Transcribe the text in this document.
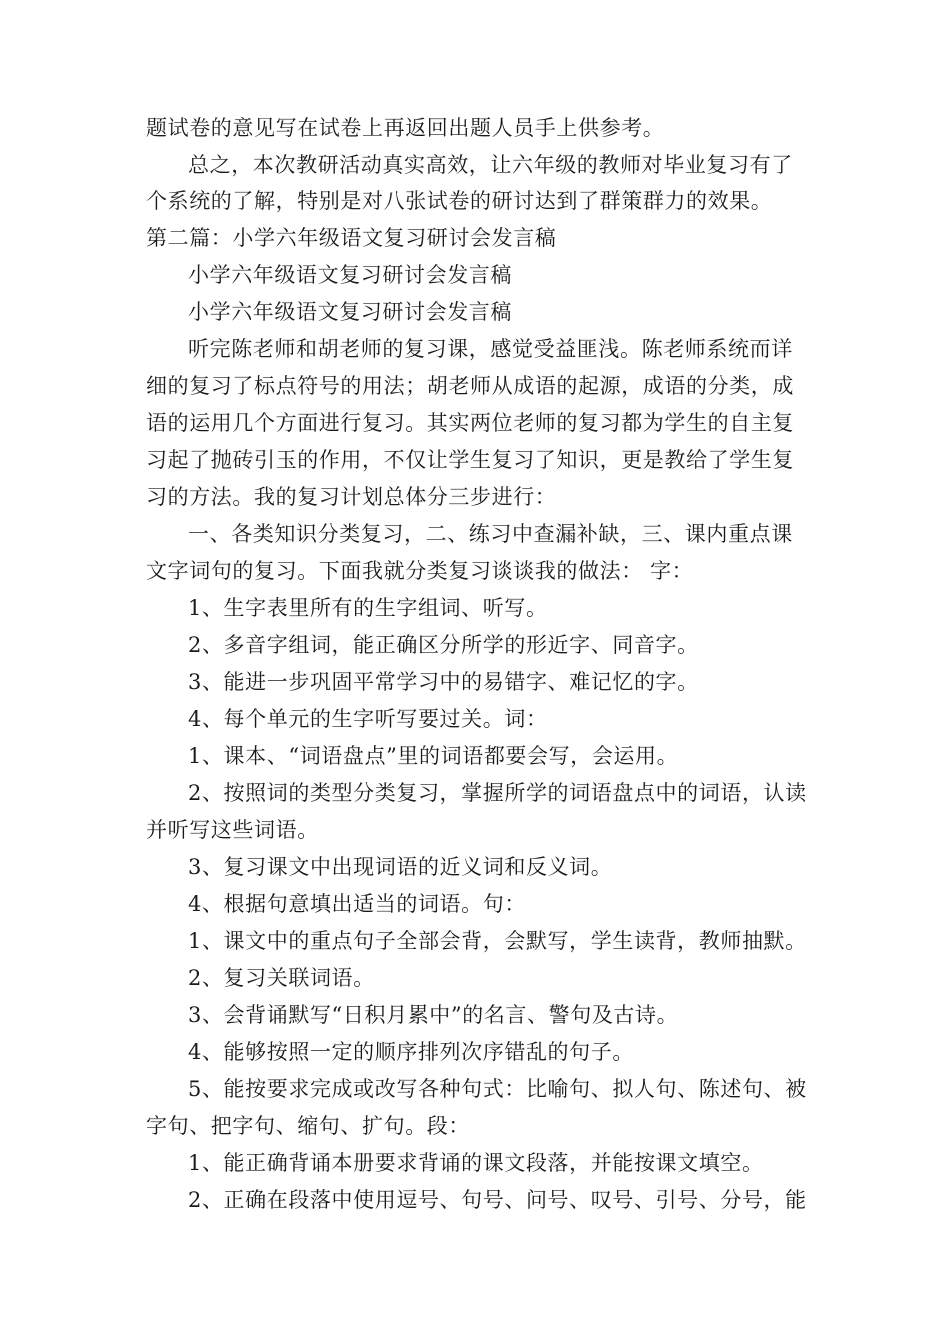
题试卷的意见写在试卷上再返回出题人员手上供参考。
总之，本次教研活动真实高效，让六年级的教师对毕业复习有了
个系统的了解，特别是对八张试卷的研讨达到了群策群力的效果。
第二篇：小学六年级语文复习研讨会发言稿
小学六年级语文复习研讨会发言稿
小学六年级语文复习研讨会发言稿
听完陈老师和胡老师的复习课，感觉受益匪浅。陈老师系统而详
细的复习了标点符号的用法；胡老师从成语的起源，成语的分类，成
语的运用几个方面进行复习。其实两位老师的复习都为学生的自主复
习起了抛砖引玉的作用，不仅让学生复习了知识，更是教给了学生复
习的方法。我的复习计划总体分三步进行：
一、各类知识分类复习，二、练习中查漏补缺，三、课内重点课
文字词句的复习。下面我就分类复习谈谈我的做法： 字：
1、生字表里所有的生字组词、听写。
2、多音字组词，能正确区分所学的形近字、同音字。
3、能进一步巩固平常学习中的易错字、难记忆的字。
4、每个单元的生字听写要过关。词：
1、课本、“词语盘点”里的词语都要会写，会运用。
2、按照词的类型分类复习，掌握所学的词语盘点中的词语，认读
并听写这些词语。
3、复习课文中出现词语的近义词和反义词。
4、根据句意填出适当的词语。句：
1、课文中的重点句子全部会背，会默写，学生读背，教师抽默。
2、复习关联词语。
3、会背诵默写“日积月累中”的名言、警句及古诗。
4、能够按照一定的顺序排列次序错乱的句子。
5、能按要求完成或改写各种句式：比喻句、拟人句、陈述句、被
字句、把字句、缩句、扩句。段：
1、能正确背诵本册要求背诵的课文段落，并能按课文填空。
2、正确在段落中使用逗号、句号、问号、叹号、引号、分号，能
